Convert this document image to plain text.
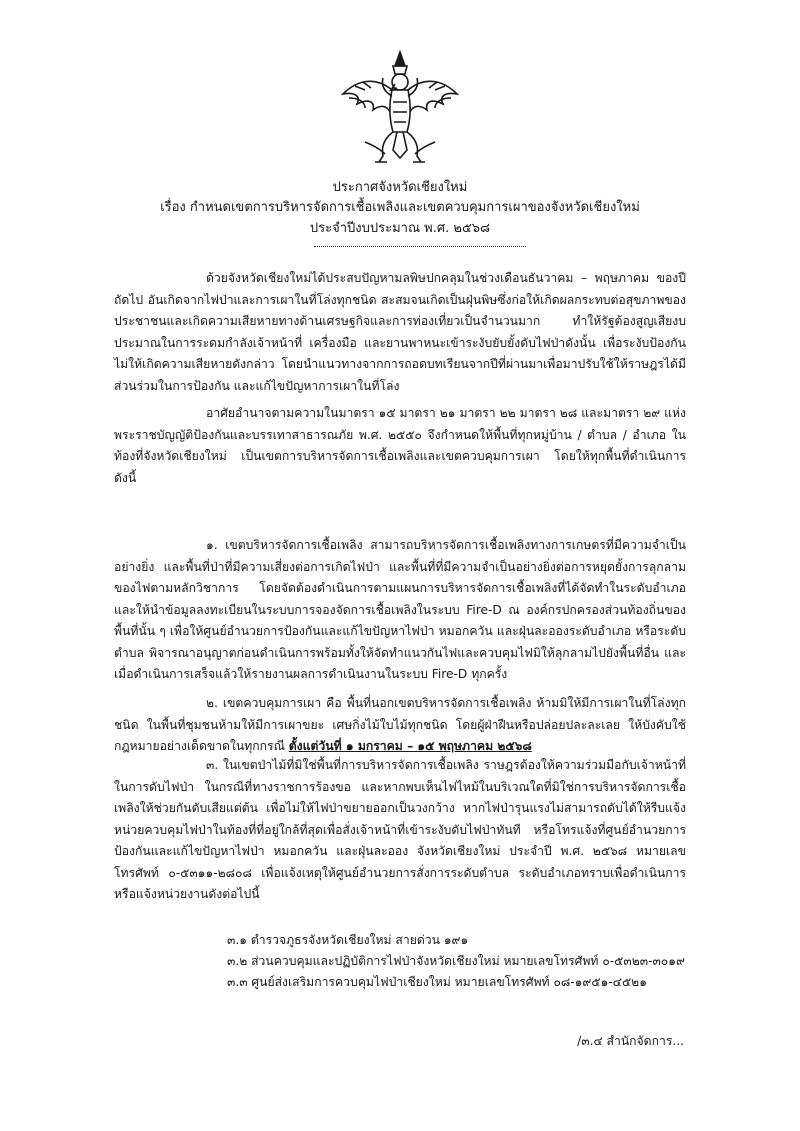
ประกาศจังหวัดเชียงใหม่
เรื่อง กำหนดเขตการบริหารจัดการเชื้อเพลิงและเขตควบคุมการเผาของจังหวัดเชียงใหม่
ประจำปีงบประมาณ พ.ศ. ๒๕๖๘
ด้วยจังหวัดเชียงใหม่ได้ประสบปัญหามลพิษปกคลุมในช่วงเดือนธันวาคม – พฤษภาคม ของปีถัดไป อันเกิดจากไฟป่าและการเผาในที่โล่งทุกชนิด สะสมจนเกิดเป็นฝุ่นพิษซึ่งก่อให้เกิดผลกระทบต่อสุขภาพของประชาชนและเกิดความเสียหายทางด้านเศรษฐกิจและการท่องเที่ยวเป็นจำนวนมาก ทำให้รัฐต้องสูญเสียงบประมาณในการระดมกำลังเจ้าหน้าที่ เครื่องมือ และยานพาหนะเข้าระงับยับยั้งดับไฟป่าดังนั้น เพื่อระงับป้องกันไม่ให้เกิดความเสียหายดังกล่าว โดยนำแนวทางจากการถอดบทเรียนจากปีที่ผ่านมาเพื่อมาปรับใช้ให้ราษฎรได้มีส่วนร่วมในการป้องกัน และแก้ไขปัญหาการเผาในที่โล่ง
อาศัยอำนาจตามความในมาตรา ๑๕ มาตรา ๒๑ มาตรา ๒๒ มาตรา ๒๘ และมาตรา ๒๙ แห่งพระราชบัญญัติป้องกันและบรรเทาสาธารณภัย พ.ศ. ๒๕๕๐ จึงกำหนดให้พื้นที่ทุกหมู่บ้าน / ตำบล / อำเภอ ในท้องที่จังหวัดเชียงใหม่ เป็นเขตการบริหารจัดการเชื้อเพลิงและเขตควบคุมการเผา โดยให้ทุกพื้นที่ดำเนินการดังนี้
๑. เขตบริหารจัดการเชื้อเพลิง สามารถบริหารจัดการเชื้อเพลิงทางการเกษตรที่มีความจำเป็นอย่างยิ่ง และพื้นที่ป่าที่มีความเสี่ยงต่อการเกิดไฟป่า และพื้นที่ที่มีความจำเป็นอย่างยิ่งต่อการหยุดยั้งการลุกลามของไฟตามหลักวิชาการ โดยจัดต้องดำเนินการตามแผนการบริหารจัดการเชื้อเพลิงที่ได้จัดทำในระดับอำเภอ และให้นำข้อมูลลงทะเบียนในระบบการจองจัดการเชื้อเพลิงในระบบ Fire-D ณ องค์กรปกครองส่วนท้องถิ่นของพื้นที่นั้น ๆ เพื่อให้ศูนย์อำนวยการป้องกันและแก้ไขปัญหาไฟป่า หมอกควัน และฝุ่นละอองระดับอำเภอ หรือระดับตำบล พิจารณาอนุญาตก่อนดำเนินการพร้อมทั้งให้จัดทำแนวกันไฟและควบคุมไฟมิให้ลุกลามไปยังพื้นที่อื่น และเมื่อดำเนินการเสร็จแล้วให้รายงานผลการดำเนินงานในระบบ Fire-D ทุกครั้ง
๒. เขตควบคุมการเผา คือ พื้นที่นอกเขตบริหารจัดการเชื้อเพลิง ห้ามมิให้มีการเผาในที่โล่งทุกชนิด ในพื้นที่ชุมชนห้ามให้มีการเผาขยะ เศษกิ่งไม้ใบไม้ทุกชนิด โดยผู้ฝ่าฝืนหรือปล่อยปละละเลย ให้บังคับใช้กฎหมายอย่างเด็ดขาดในทุกกรณี ตั้งแต่วันที่ ๑ มกราคม – ๑๕ พฤษภาคม ๒๕๖๘
๓. ในเขตป่าไม้ที่มิใช่พื้นที่การบริหารจัดการเชื้อเพลิง ราษฎรต้องให้ความร่วมมือกับเจ้าหน้าที่ในการดับไฟป่า ในกรณีที่ทางราชการร้องขอ และหากพบเห็นไฟไหม้ในบริเวณใดที่มิใช่การบริหารจัดการเชื้อเพลิงให้ช่วยกันดับเสียแต่ต้น เพื่อไม่ให้ไฟป่าขยายออกเป็นวงกว้าง หากไฟป่ารุนแรงไม่สามารถดับได้ให้รีบแจ้งหน่วยควบคุมไฟป่าในท้องที่ที่อยู่ใกล้ที่สุดเพื่อสั่งเจ้าหน้าที่เข้าระงับดับไฟป่าทันที หรือโทรแจ้งที่ศูนย์อำนวยการป้องกันและแก้ไขปัญหาไฟป่า หมอกควัน และฝุ่นละออง จังหวัดเชียงใหม่ ประจำปี พ.ศ. ๒๕๖๘ หมายเลขโทรศัพท์ ๐-๕๓๑๑-๒๘๐๘ เพื่อแจ้งเหตุให้ศูนย์อำนวยการสั่งการระดับตำบล ระดับอำเภอทราบเพื่อดำเนินการ หรือแจ้งหน่วยงานดังต่อไปนี้
๓.๑ ตำรวจภูธรจังหวัดเชียงใหม่ สายด่วน ๑๙๑
๓.๒ ส่วนควบคุมและปฏิบัติการไฟป่าจังหวัดเชียงใหม่ หมายเลขโทรศัพท์ ๐-๕๓๒๓-๓๐๑๙
๓.๓ ศูนย์ส่งเสริมการควบคุมไฟป่าเชียงใหม่ หมายเลขโทรศัพท์ ๐๘-๑๙๕๑-๔๕๒๑
/๓.๔ สำนักจัดการ...
